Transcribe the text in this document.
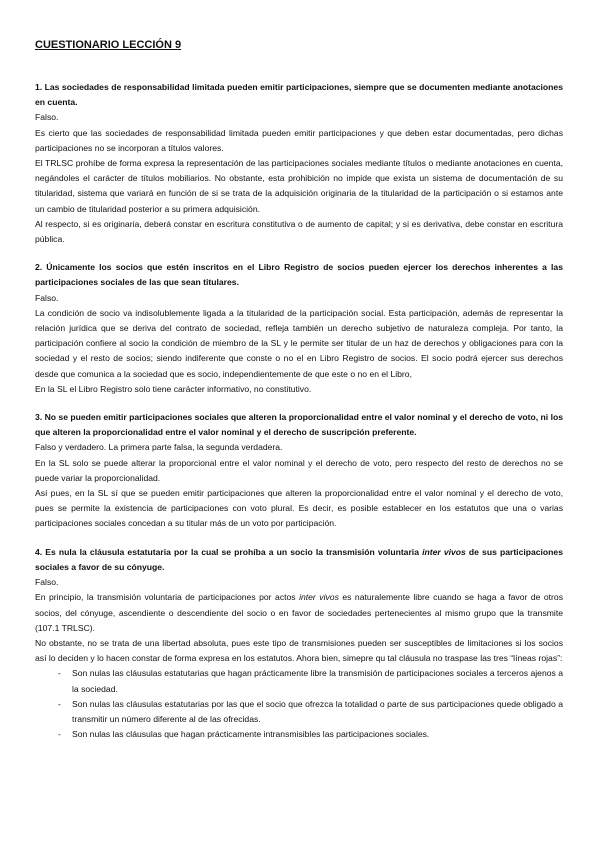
CUESTIONARIO LECCIÓN 9

1. Las sociedades de responsabilidad limitada pueden emitir participaciones, siempre que se documenten mediante anotaciones en cuenta.

Falso.

Es cierto que las sociedades de responsabilidad limitada pueden emitir participaciones y que deben estar documentadas, pero dichas participaciones no se incorporan a títulos valores.

El TRLSC prohíbe de forma expresa la representación de las participaciones sociales mediante títulos o mediante anotaciones en cuenta, negándoles el carácter de títulos mobiliarios. No obstante, esta prohibición no impide que exista un sistema de documentación de su titularidad, sistema que variará en función de si se trata de la adquisición originaria de la titularidad de la participación o si estamos ante un cambio de titularidad posterior a su primera adquisición.

Al respecto, si es originaria, deberá constar en escritura constitutiva o de aumento de capital; y si es derivativa, debe constar en escritura pública.

2. Únicamente los socios que estén inscritos en el Libro Registro de socios pueden ejercer los derechos inherentes a las participaciones sociales de las que sean titulares.

Falso.

La condición de socio va indisolublemente ligada a la titularidad de la participación social. Esta participación, además de representar la relación jurídica que se deriva del contrato de sociedad, refleja también un derecho subjetivo de naturaleza compleja. Por tanto, la participación confiere al socio la condición de miembro de la SL y le permite ser titular de un haz de derechos y obligaciones para con la sociedad y el resto de socios; siendo indiferente que conste o no el en Libro Registro de socios. El socio podrá ejercer sus derechos desde que comunica a la sociedad que es socio, independientemente de que este o no en el Libro,

En la SL el Libro Registro solo tiene carácter informativo, no constitutivo.

3. No se pueden emitir participaciones sociales que alteren la proporcionalidad entre el valor nominal y el derecho de voto, ni los que alteren la proporcionalidad entre el valor nominal y el derecho de suscripción preferente.

Falso y verdadero. La primera parte falsa, la segunda verdadera.

En la SL solo se puede alterar la proporcional entre el valor nominal y el derecho de voto, pero respecto del resto de derechos no se puede variar la proporcionalidad.

Así pues, en la SL sí que se pueden emitir participaciones que alteren la proporcionalidad entre el valor nominal y el derecho de voto, pues se permite la existencia de participaciones con voto plural. Es decir, es posible establecer en los estatutos que una o varias participaciones sociales concedan a su titular más de un voto por participación.

4. Es nula la cláusula estatutaria por la cual se prohíba a un socio la transmisión voluntaria inter vivos de sus participaciones sociales a favor de su cónyuge.

Falso.

En principio, la transmisión voluntaria de participaciones por actos inter vivos es naturalemente libre cuando se haga a favor de otros socios, del cónyuge, ascendiente o descendiente del socio o en favor de sociedades pertenecientes al mismo grupo que la transmite (107.1 TRLSC).

No obstante, no se trata de una libertad absoluta, pues este tipo de transmisiones pueden ser susceptibles de limitaciones si los socios así lo deciden y lo hacen constar de forma expresa en los estatutos. Ahora bien, simepre qu tal cláusula no traspase las tres “líneas rojas”:

-	Son nulas las cláusulas estatutarias que hagan prácticamente libre la transmisión de participaciones sociales a terceros ajenos a la sociedad.
-	Son nulas las cláusulas estatutarias por las que el socio que ofrezca la totalidad o parte de sus participaciones quede obligado a transmitir un número diferente al de las ofrecidas.
-	Son nulas las cláusulas que hagan prácticamente intransmisibles las participaciones sociales.
